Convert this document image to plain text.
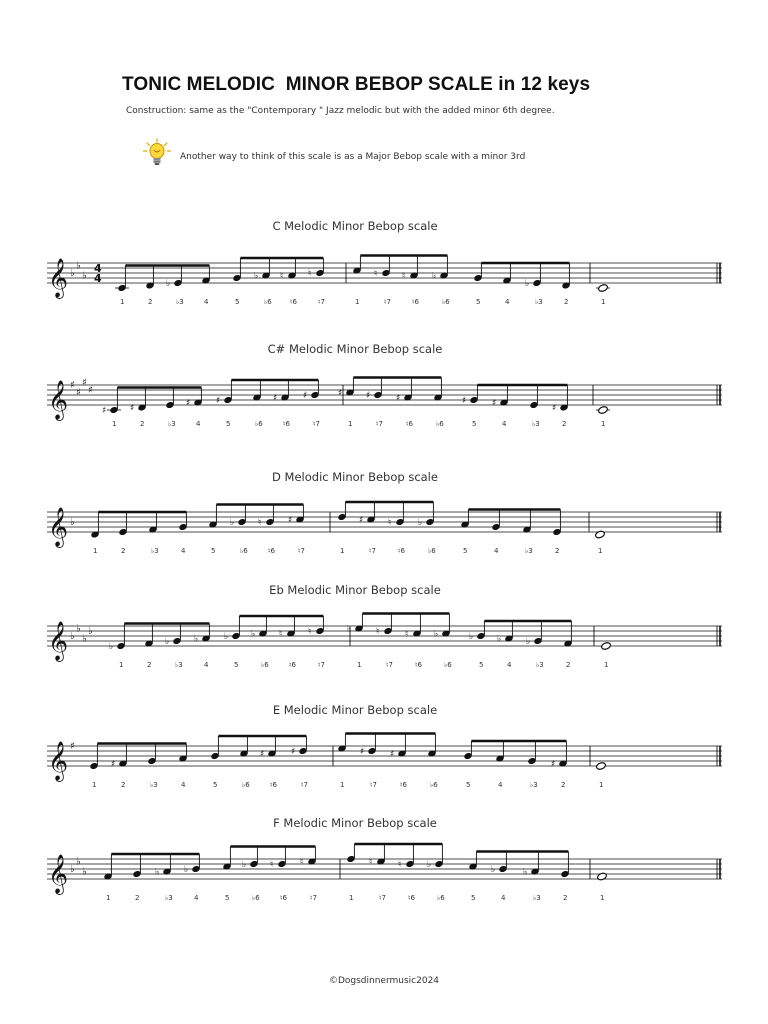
TONIC MELODIC  MINOR BEBOP SCALE in 12 keys
Construction: same as the "Contemporary " Jazz melodic but with the added minor 6th degree.
Another way to think of this scale is as a Major Bebop scale with a minor 3rd
C Melodic Minor Bebop scale
𝄞 ♭
♭
♭
4
4
1	2
♭
♭3	4	5
♭
♭6
♮
♮6
♮
♮7	1
♮
♮7
♮
♮6
♭
♭6	5	4
♭
♭3	2	1
C# Melodic Minor Bebop scale
𝄞 ♯
♯
♯
♯
♯
1
♯
2	♭3
♯
4
♯
5	♭6
♯
♮6
♯
♮7
♯
1
♯
♮7
♯
♮6	♭6
♯
5
♯
4	♭3
♯
2	1
D Melodic Minor Bebop scale
𝄞 ♭
1	2	♭3	4	5
♭
♭6
♮
♮6
♯
♮7	1
♯
♮7
♮
♮6
♭
♭6	5	4	♭3	2	1
Eb Melodic Minor Bebop scale
𝄞 ♭
♭
♭
♭
♭
1	2
♭
♭3
♭
4
♭
5
♭
♭6
♮
♮6
♮
♮7
♭
1
♮
♮7
♮
♮6
♭
♭6
♭
5
♭
4
♭
♭3	2	1
E Melodic Minor Bebop scale
𝄞 ♯
1
♯
2	♭3	4	5	♭6
♯
♮6
♯
♮7	1
♯
♮7
♯
♮6	♭6	5	4	♭3
♯
2	1
F Melodic Minor Bebop scale
𝄞 ♭
♭
♭
1	2
♭
♭3
♭
4	5
♭
♭6
♮
♮6
♮
♮7	1
♮
♮7
♮
♮6
♭
♭6	5
♭
4
♭
♭3	2	1
©Dogsdinnermusic2024
